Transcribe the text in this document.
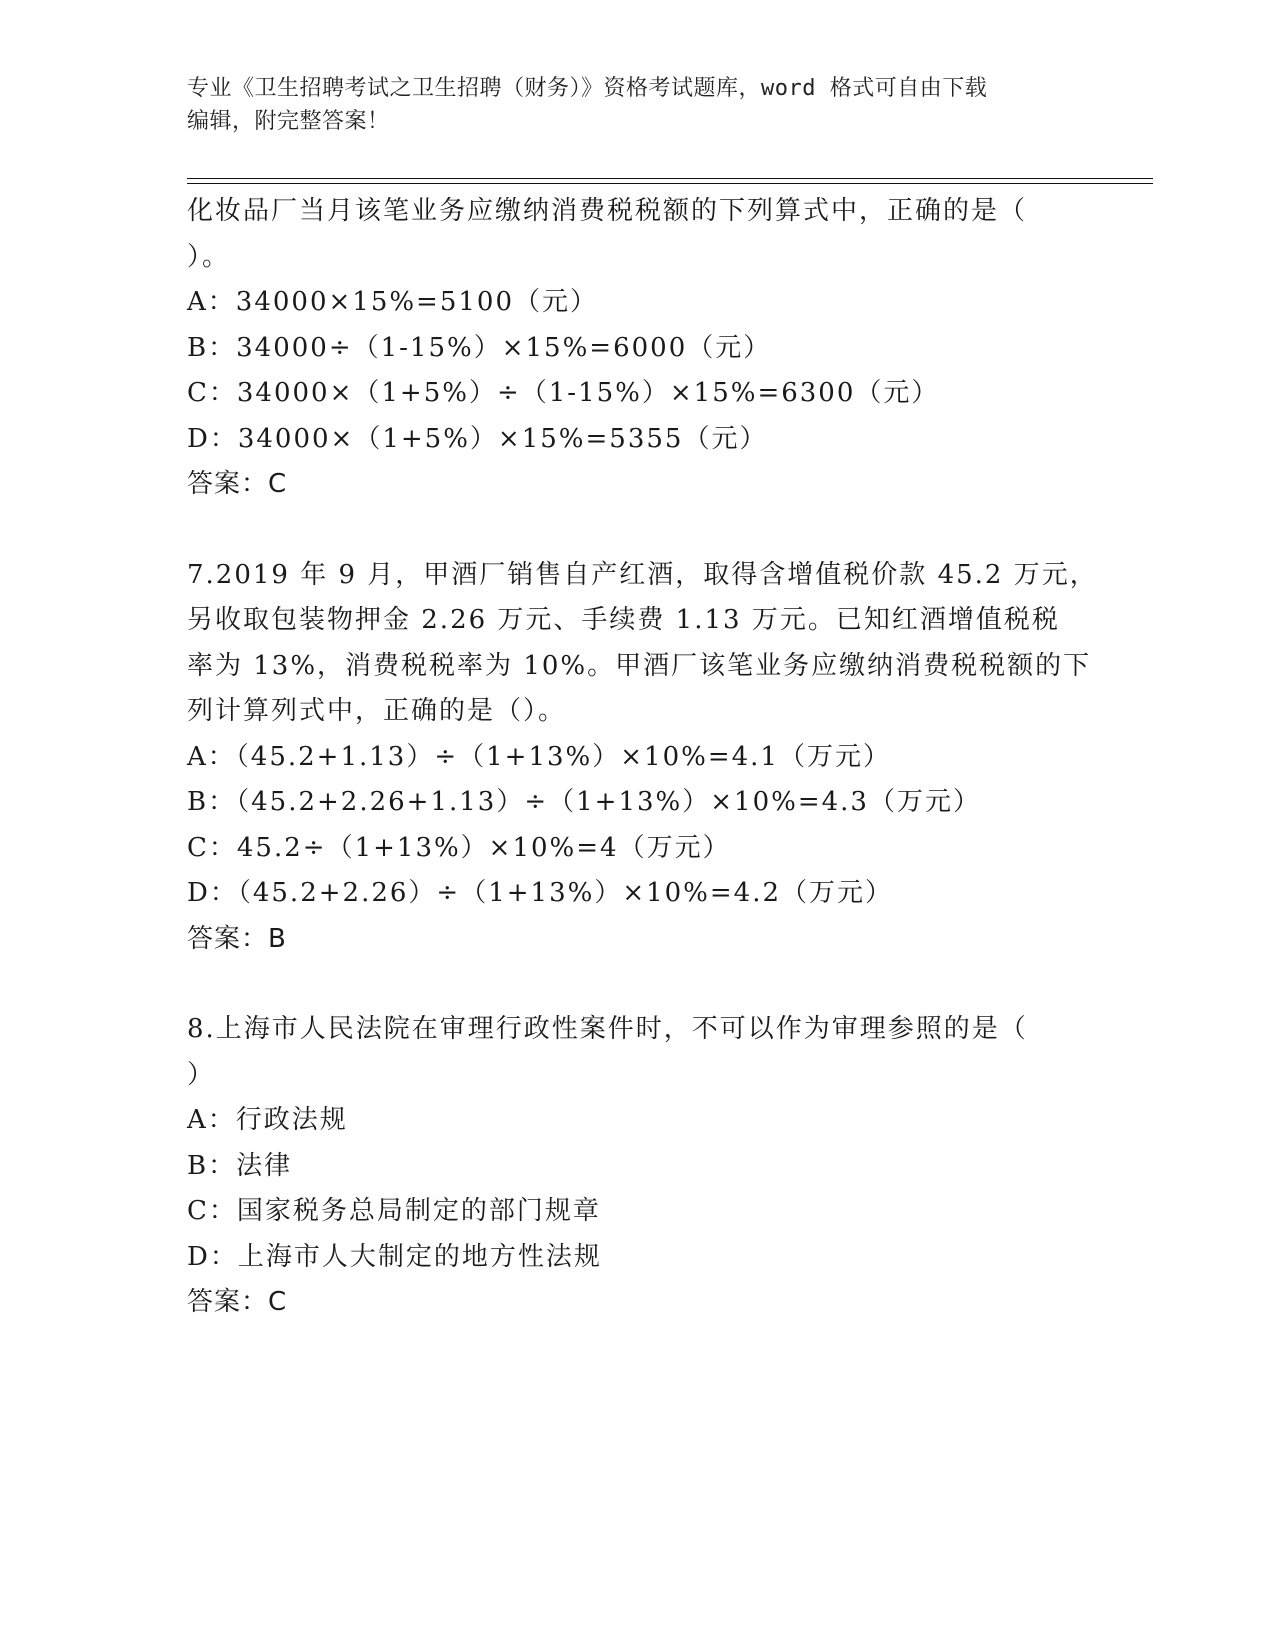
专业《卫生招聘考试之卫生招聘（财务）》资格考试题库，word 格式可自由下载
编辑，附完整答案！
化妆品厂当月该笔业务应缴纳消费税税额的下列算式中，正确的是（
）。
A：34000×15%=5100（元）
B：34000÷（1-15%）×15%=6000（元）
C：34000×（1+5%）÷（1-15%）×15%=6300（元）
D：34000×（1+5%）×15%=5355（元）
答案：C
7.2019 年 9 月，甲酒厂销售自产红酒，取得含增值税价款 45.2 万元，
另收取包装物押金 2.26 万元、手续费 1.13 万元。已知红酒增值税税
率为 13%，消费税税率为 10%。甲酒厂该笔业务应缴纳消费税税额的下
列计算列式中，正确的是（）。
A：（45.2+1.13）÷（1+13%）×10%=4.1（万元）
B：（45.2+2.26+1.13）÷（1+13%）×10%=4.3（万元）
C：45.2÷（1+13%）×10%=4（万元）
D：（45.2+2.26）÷（1+13%）×10%=4.2（万元）
答案：B
8.上海市人民法院在审理行政性案件时，不可以作为审理参照的是（
）
A：行政法规
B：法律
C：国家税务总局制定的部门规章
D：上海市人大制定的地方性法规
答案：C
